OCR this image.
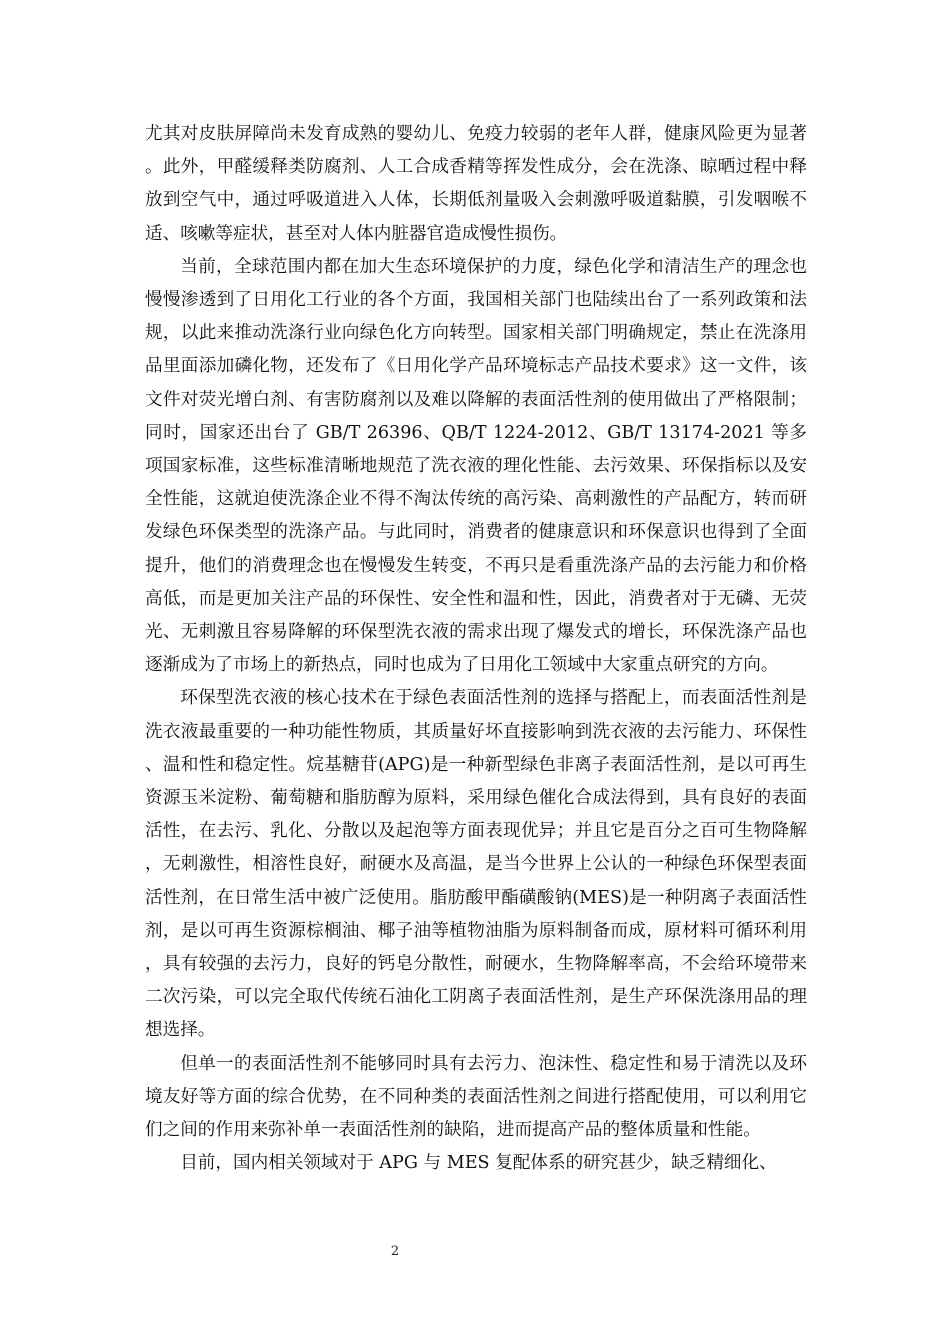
尤其对皮肤屏障尚未发育成熟的婴幼儿、免疫力较弱的老年人群，健康风险更为显著。此外，甲醛缓释类防腐剂、人工合成香精等挥发性成分，会在洗涤、晾晒过程中释放到空气中，通过呼吸道进入人体，长期低剂量吸入会刺激呼吸道黏膜，引发咽喉不适、咳嗽等症状，甚至对人体内脏器官造成慢性损伤。

当前，全球范围内都在加大生态环境保护的力度，绿色化学和清洁生产的理念也慢慢渗透到了日用化工行业的各个方面，我国相关部门也陆续出台了一系列政策和法规，以此来推动洗涤行业向绿色化方向转型。国家相关部门明确规定，禁止在洗涤用品里面添加磷化物，还发布了《日用化学产品环境标志产品技术要求》这一文件，该文件对荧光增白剂、有害防腐剂以及难以降解的表面活性剂的使用做出了严格限制；同时，国家还出台了 GB/T 26396、QB/T 1224-2012、GB/T 13174-2021 等多项国家标准，这些标准清晰地规范了洗衣液的理化性能、去污效果、环保指标以及安全性能，这就迫使洗涤企业不得不淘汰传统的高污染、高刺激性的产品配方，转而研发绿色环保类型的洗涤产品。与此同时，消费者的健康意识和环保意识也得到了全面提升，他们的消费理念也在慢慢发生转变，不再只是看重洗涤产品的去污能力和价格高低，而是更加关注产品的环保性、安全性和温和性，因此，消费者对于无磷、无荧光、无刺激且容易降解的环保型洗衣液的需求出现了爆发式的增长，环保洗涤产品也逐渐成为了市场上的新热点，同时也成为了日用化工领域中大家重点研究的方向。

环保型洗衣液的核心技术在于绿色表面活性剂的选择与搭配上，而表面活性剂是洗衣液最重要的一种功能性物质，其质量好坏直接影响到洗衣液的去污能力、环保性、温和性和稳定性。烷基糖苷(APG)是一种新型绿色非离子表面活性剂，是以可再生资源玉米淀粉、葡萄糖和脂肪醇为原料，采用绿色催化合成法得到，具有良好的表面活性，在去污、乳化、分散以及起泡等方面表现优异；并且它是百分之百可生物降解，无刺激性，相溶性良好，耐硬水及高温，是当今世界上公认的一种绿色环保型表面活性剂，在日常生活中被广泛使用。脂肪酸甲酯磺酸钠(MES)是一种阴离子表面活性剂，是以可再生资源棕榈油、椰子油等植物油脂为原料制备而成，原材料可循环利用，具有较强的去污力，良好的钙皂分散性，耐硬水，生物降解率高，不会给环境带来二次污染，可以完全取代传统石油化工阴离子表面活性剂，是生产环保洗涤用品的理想选择。

但单一的表面活性剂不能够同时具有去污力、泡沫性、稳定性和易于清洗以及环境友好等方面的综合优势，在不同种类的表面活性剂之间进行搭配使用，可以利用它们之间的作用来弥补单一表面活性剂的缺陷，进而提高产品的整体质量和性能。

目前，国内相关领域对于 APG 与 MES 复配体系的研究甚少，缺乏精细化、

2
